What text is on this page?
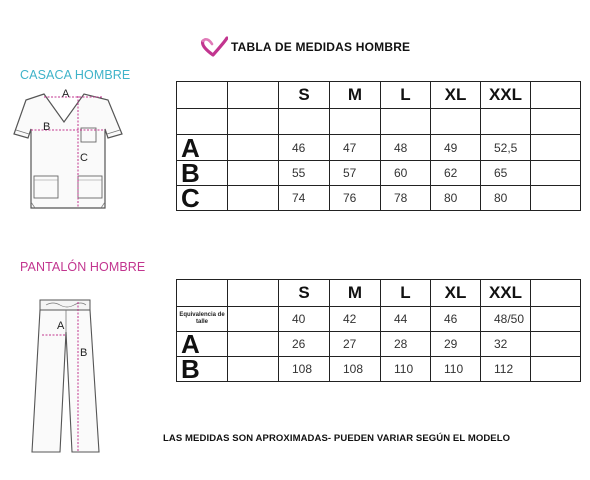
TABLA DE MEDIDAS HOMBRE
CASACA HOMBRE
A
B
C
		S	M	L	XL	XXL	

A		46	47	48	49	52,5	
B		55	57	60	62	65	
C		74	76	78	80	80	
PANTALÓN HOMBRE
A
B
		S	M	L	XL	XXL	
Equivalencia de talle		40	42	44	46	48/50	
A		26	27	28	29	32	
B		108	108	110	110	112	
LAS MEDIDAS SON APROXIMADAS- PUEDEN VARIAR SEGÚN EL MODELO
